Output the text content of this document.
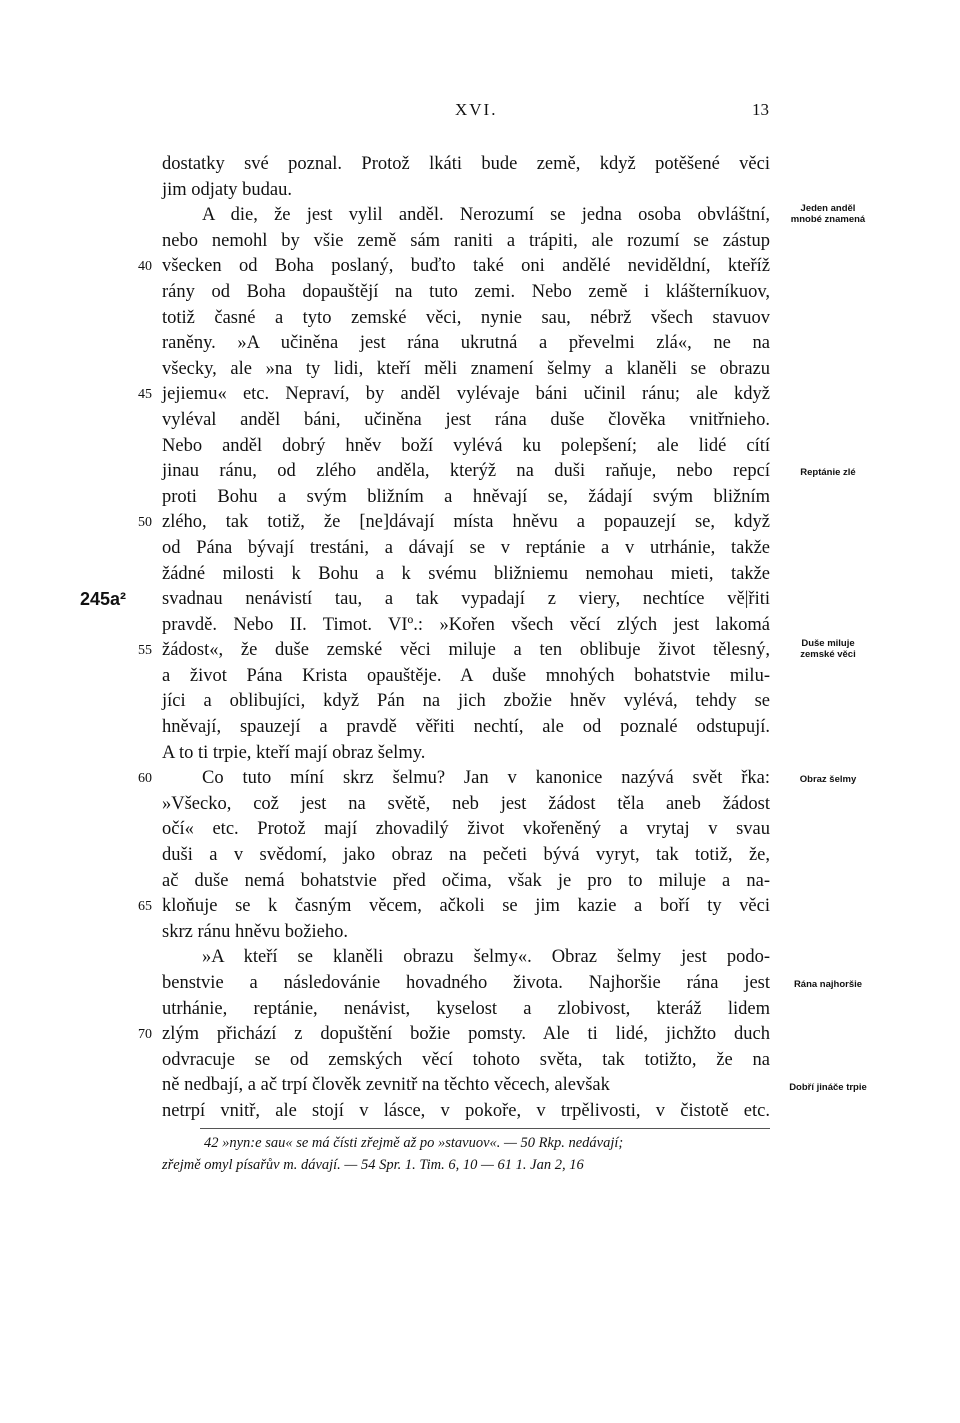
XVI.	13
dostatky své poznal. Protož lkáti bude země, když potěšené věci
jim odjaty budau.
A die, že jest vylil anděl. Nerozumí se jedna osoba obvláštní,
nebo nemohl by všie země sám raniti a trápiti, ale rozumí se zástup
40 všecken od Boha poslaný, buďto také oni andělé neviděldní, kteříž
rány od Boha dopauštějí na tuto zemi. Nebo země i klášterníkuov,
totiž časné a tyto zemské věci, nynie sau, nébrž všech stavuov
raněny. »A učiněna jest rána ukrutná a převelmi zlá«, ne na
všecky, ale »na ty lidi, kteří měli znamení šelmy a klaněli se obrazu
45 jejiemu« etc. Nepraví, by anděl vylévaje báni učinil ránu; ale když
vyléval anděl báni, učiněna jest rána duše člověka vnitřnieho.
Nebo anděl dobrý hněv boží vylévá ku polepšení; ale lidé cítí
jinau ránu, od zlého anděla, kterýž na duši raňuje, nebo repcí
proti Bohu a svým bližním a hněvají se, žádají svým bližním
50 zlého, tak totiž, že [ne]dávají místa hněvu a popauzejí se, když
od Pána bývají trestáni, a dávají se v reptánie a v utrhánie, takže
žádné milosti k Bohu a k svému bližniemu nemohau mieti, takže
245a² svadnau nenávistí tau, a tak vypadají z viery, nechtíce vě|řiti
pravdě. Nebo II. Timot. VIº.: »Kořen všech věcí zlých jest lakomá
55 žádost«, že duše zemské věci miluje a ten oblibuje život tělesný,
a život Pána Krista opauštěje. A duše mnohých bohatstvie milu-
jíci a oblibujíci, když Pán na jich zbožie hněv vylévá, tehdy se
hněvají, spauzejí a pravdě věřiti nechtí, ale od poznalé odstupují.
A to ti trpie, kteří mají obraz šelmy.
60	Co tuto míní skrz šelmu? Jan v kanonice nazývá svět řka:
»Všecko, což jest na světě, neb jest žádost těla aneb žádost
očí« etc. Protož mají zhovadilý život vkořeněný a vrytaj v svau
duši a v svědomí, jako obraz na pečeti bývá vyryt, tak totiž, že,
ač duše nemá bohatstvie před očima, však je pro to miluje a na-
65 kloňuje se k časným věcem, ačkoli se jim kazie a boří ty věci
skrz ránu hněvu božieho.
»A kteří se klaněli obrazu šelmy«. Obraz šelmy jest podo-
benstvie a následovánie hovadného života. Najhoršie rána jest
utrhánie, reptánie, nenávist, kyselost a zlobivost, kteráž lidem
70 zlým přichází z dopuštění božie pomsty. Ale ti lidé, jichžto duch
odvracuje se od zemských věcí tohoto světa, tak totižto, že na
ně nedbají, a ač trpí člověk zevnitř na těchto věcech, alevšak
netrpí vnitř, ale stojí v lásce, v pokoře, v trpělivosti, v čistotě etc.
Jeden anděl
mnobé znamená
Reptánie zlé
Duše miluje
zemské věci
Obraz šelmy
Rána najhoršie
Dobří jináče trpie
42 »nyn:e sau« se má čísti zřejmě až po »stavuov«. — 50 Rkp. nedávají;
zřejmě omyl písařův m. dávají. — 54 Spr. 1. Tim. 6, 10 — 61 1. Jan 2, 16
